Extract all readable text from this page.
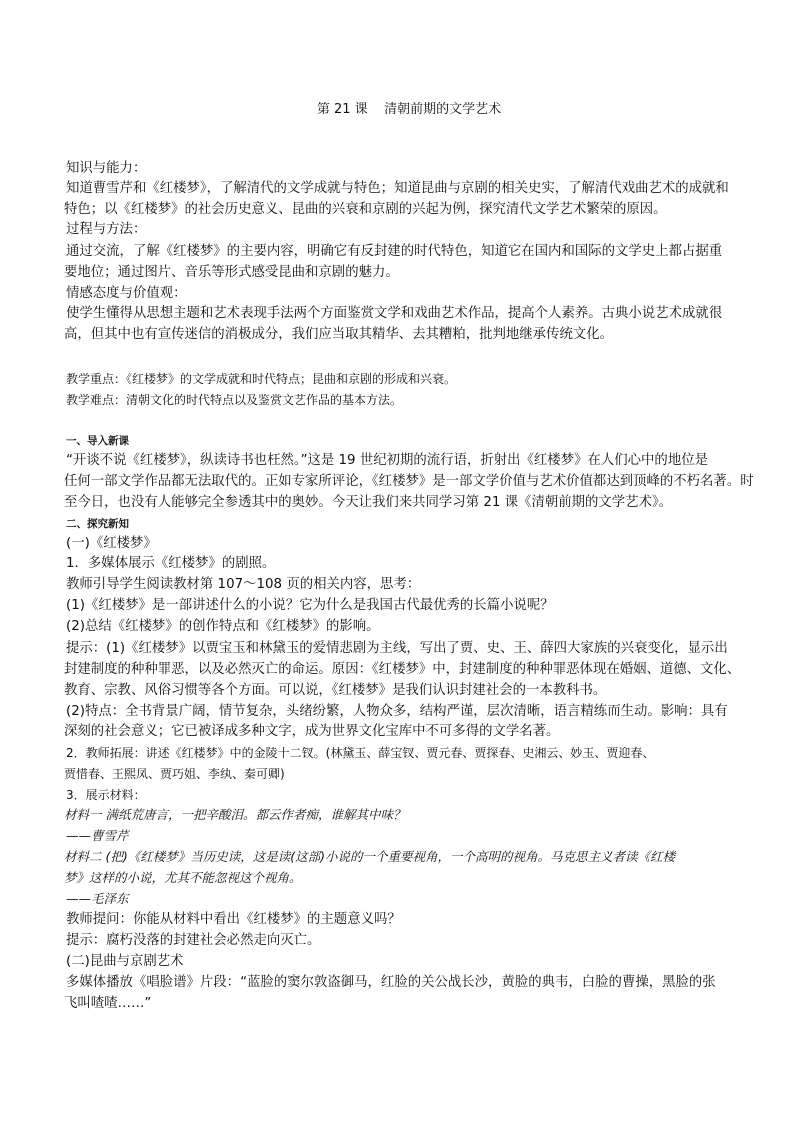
第 21 课    清朝前期的文学艺术
知识与能力：
知道曹雪芹和《红楼梦》，了解清代的文学成就与特色；知道昆曲与京剧的相关史实，了解清代戏曲艺术的成就和
特色；以《红楼梦》的社会历史意义、昆曲的兴衰和京剧的兴起为例，探究清代文学艺术繁荣的原因。
过程与方法：
通过交流，了解《红楼梦》的主要内容，明确它有反封建的时代特色，知道它在国内和国际的文学史上都占据重
要地位；通过图片、音乐等形式感受昆曲和京剧的魅力。
情感态度与价值观：
使学生懂得从思想主题和艺术表现手法两个方面鉴赏文学和戏曲艺术作品，提高个人素养。古典小说艺术成就很
高，但其中也有宣传迷信的消极成分，我们应当取其精华、去其糟粕，批判地继承传统文化。
教学重点：《红楼梦》的文学成就和时代特点；昆曲和京剧的形成和兴衰。
教学难点：清朝文化的时代特点以及鉴赏文艺作品的基本方法。
一、导入新课
“开谈不说《红楼梦》，纵读诗书也枉然。”这是 19 世纪初期的流行语，折射出《红楼梦》在人们心中的地位是
任何一部文学作品都无法取代的。正如专家所评论，《红楼梦》是一部文学价值与艺术价值都达到顶峰的不朽名著。时
至今日，也没有人能够完全参透其中的奥妙。今天让我们来共同学习第 21 课《清朝前期的文学艺术》。
二、探究新知
(一)《红楼梦》
1．多媒体展示《红楼梦》的剧照。
教师引导学生阅读教材第 107～108 页的相关内容，思考：
(1)《红楼梦》是一部讲述什么的小说？它为什么是我国古代最优秀的长篇小说呢？
(2)总结《红楼梦》的创作特点和《红楼梦》的影响。
提示：(1)《红楼梦》以贾宝玉和林黛玉的爱情悲剧为主线，写出了贾、史、王、薛四大家族的兴衰变化，显示出
封建制度的种种罪恶，以及必然灭亡的命运。原因：《红楼梦》中，封建制度的种种罪恶体现在婚姻、道德、文化、
教育、宗教、风俗习惯等各个方面。可以说，《红楼梦》是我们认识封建社会的一本教科书。
(2)特点：全书背景广阔，情节复杂，头绪纷繁，人物众多，结构严谨，层次清晰，语言精练而生动。影响：具有
深刻的社会意义；它已被译成多种文字，成为世界文化宝库中不可多得的文学名著。
2．教师拓展：讲述《红楼梦》中的金陵十二钗。(林黛玉、薛宝钗、贾元春、贾探春、史湘云、妙玉、贾迎春、
贾惜春、王熙凤、贾巧姐、李纨、秦可卿)
3．展示材料：
材料一 满纸荒唐言，一把辛酸泪。都云作者痴，谁解其中味？
——曹雪芹
材料二 (把)《红楼梦》当历史读，这是读(这部)小说的一个重要视角，一个高明的视角。马克思主义者读《红楼
梦》这样的小说，尤其不能忽视这个视角。
——毛泽东
教师提问：你能从材料中看出《红楼梦》的主题意义吗？
提示：腐朽没落的封建社会必然走向灭亡。
(二)昆曲与京剧艺术
多媒体播放《唱脸谱》片段：“蓝脸的窦尔敦盗御马，红脸的关公战长沙，黄脸的典韦，白脸的曹操，黑脸的张
飞叫喳喳……”
